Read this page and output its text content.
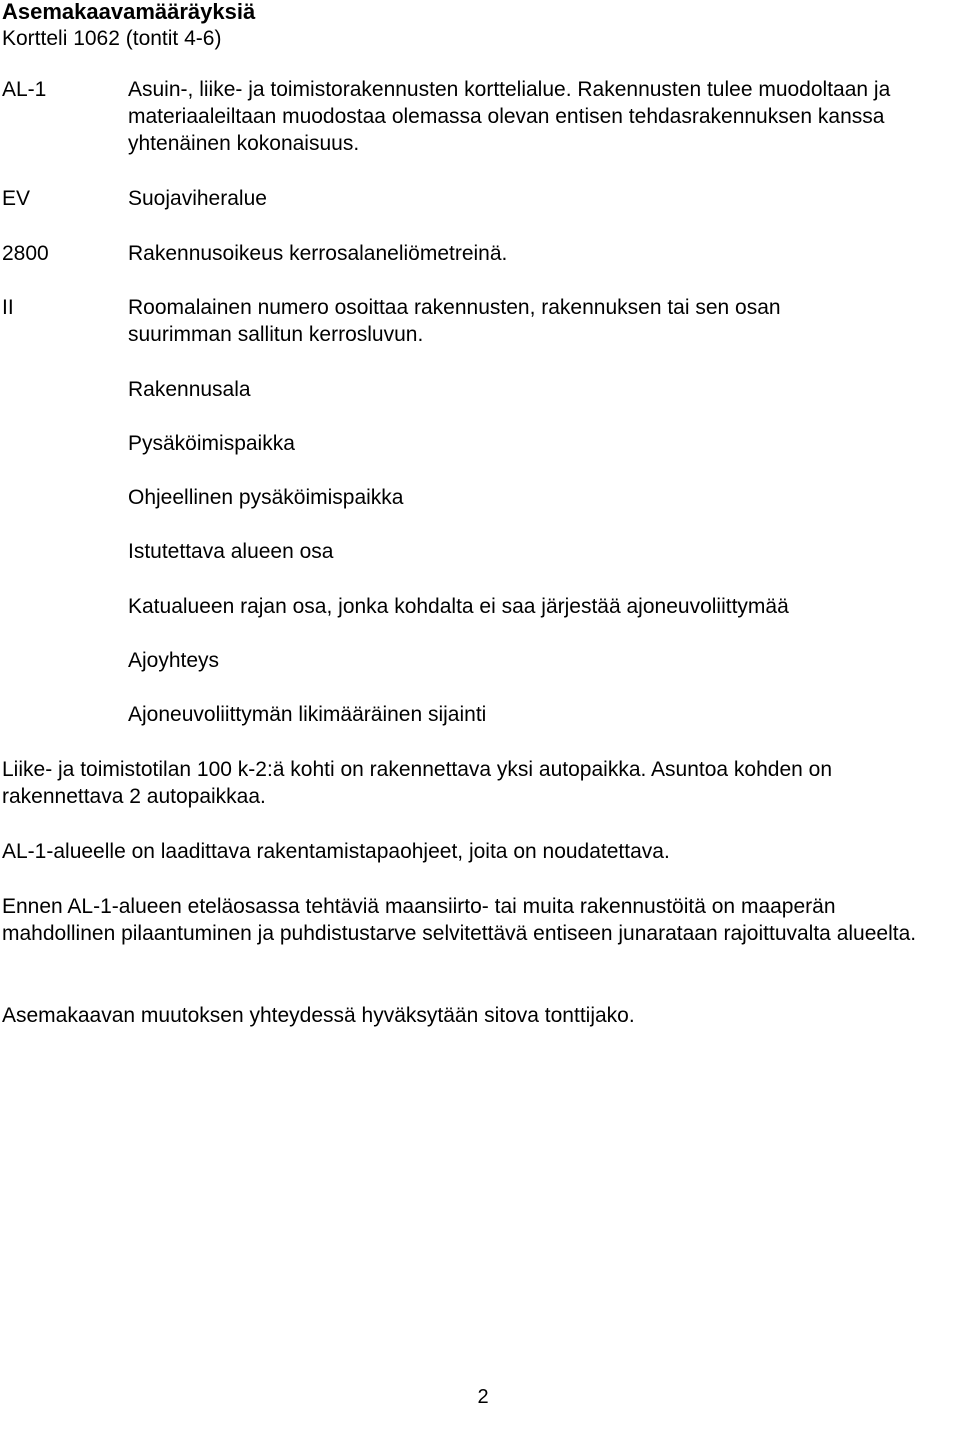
Asemakaavamääräyksiä
Kortteli 1062 (tontit 4-6)
AL-1	Asuin-, liike- ja toimistorakennusten korttelialue. Rakennusten tulee muodoltaan ja materiaaleiltaan muodostaa olemassa olevan entisen tehdasrakennuksen kanssa yhtenäinen kokonaisuus.
EV	Suojaviheralue
2800	Rakennusoikeus kerrosalaneliömetreinä.
II	Roomalainen numero osoittaa rakennusten, rakennuksen tai sen osan suurimman sallitun kerrosluvun.
Rakennusala
Pysäköimispaikka
Ohjeellinen pysäköimispaikka
Istutettava alueen osa
Katualueen rajan osa, jonka kohdalta ei saa järjestää ajoneuvoliittymää
Ajoyhteys
Ajoneuvoliittymän likimääräinen sijainti
Liike- ja toimistotilan 100 k-2:ä kohti on rakennettava yksi autopaikka. Asuntoa kohden on rakennettava 2 autopaikkaa.
AL-1-alueelle on laadittava rakentamistapaohjeet, joita on noudatettava.
Ennen AL-1-alueen eteläosassa tehtäviä maansiirto- tai muita rakennustöitä on maaperän mahdollinen pilaantuminen ja puhdistustarve selvitettävä entiseen junarataan rajoittuvalta alueelta.
Asemakaavan muutoksen yhteydessä hyväksytään sitova tonttijako.
2
